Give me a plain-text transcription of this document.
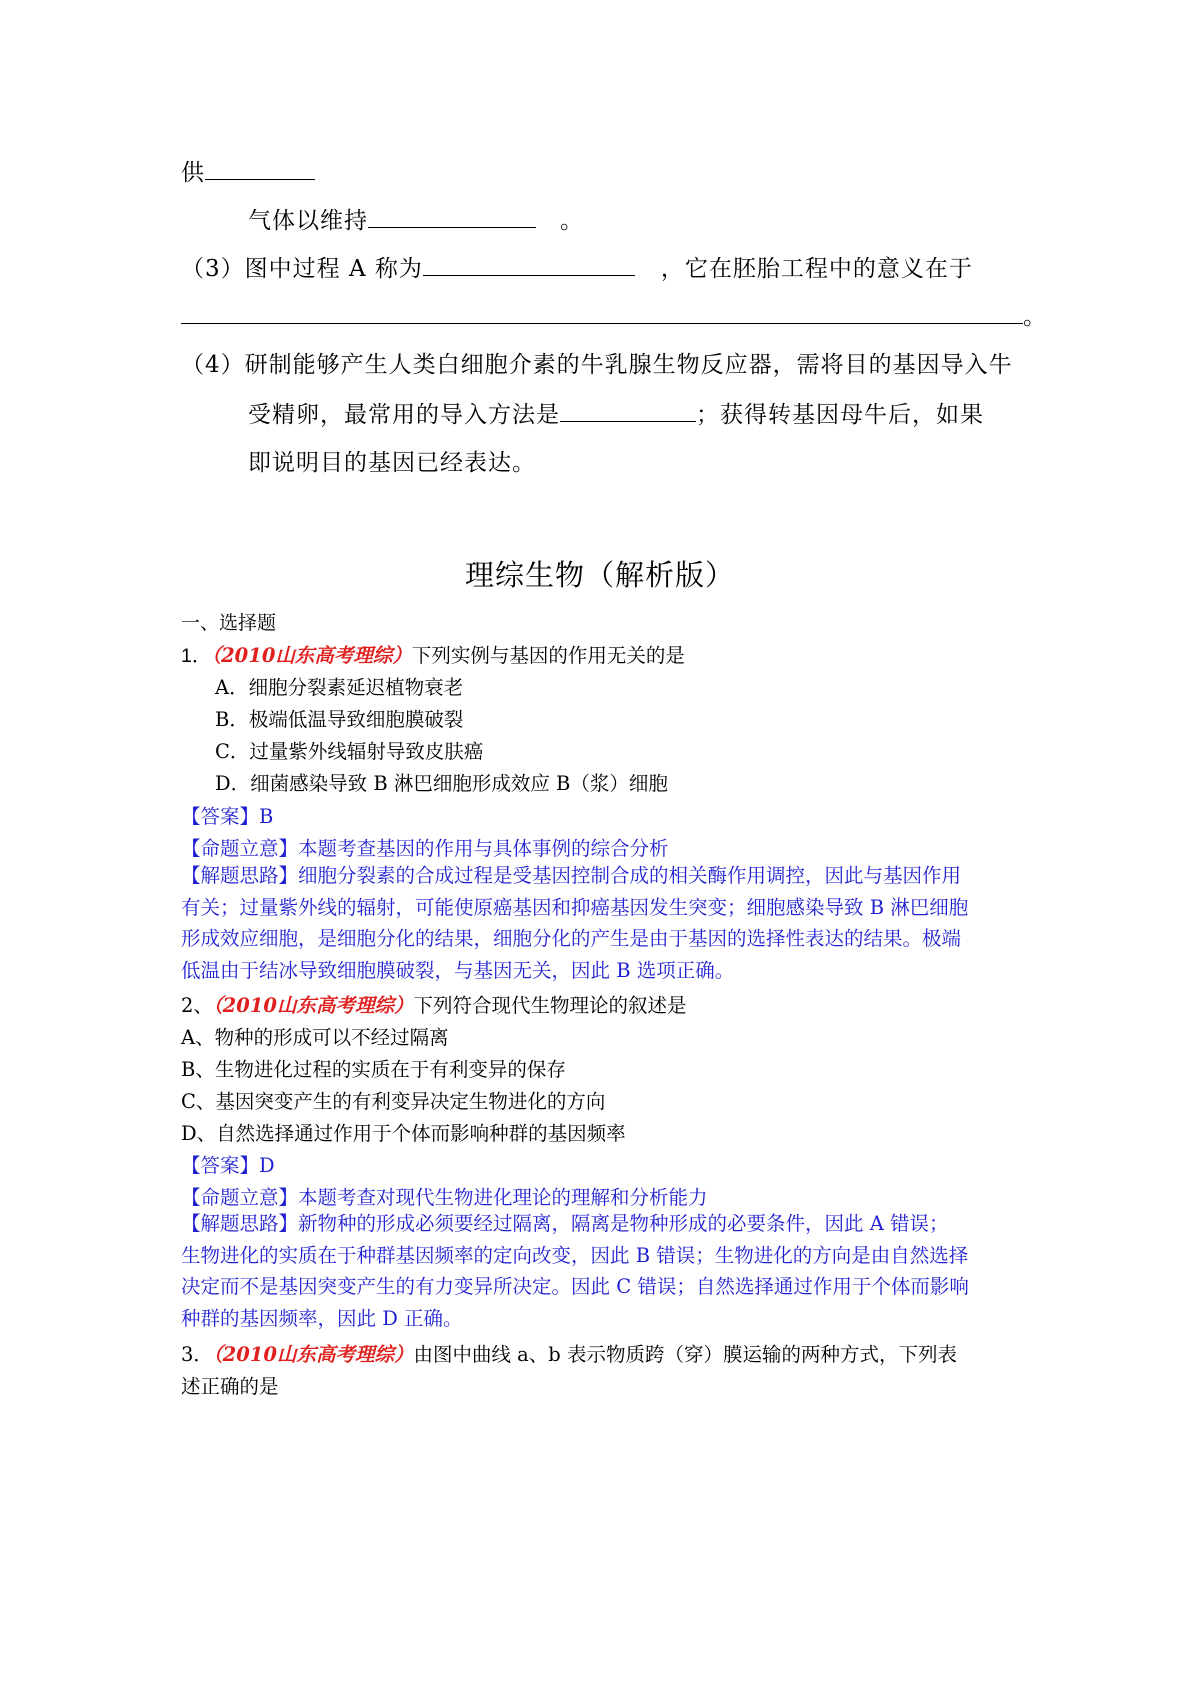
供
气体以维持	。
（3）图中过程 A 称为	，它在胚胎工程中的意义在于
。
（4）研制能够产生人类白细胞介素的牛乳腺生物反应器，需将目的基因导入牛
受精卵，最常用的导入方法是	；获得转基因母牛后，如果
即说明目的基因已经表达。
理综生物（解析版）
一、选择题
1．（2010山东高考理综）下列实例与基因的作用无关的是
A．细胞分裂素延迟植物衰老
B．极端低温导致细胞膜破裂
C．过量紫外线辐射导致皮肤癌
D．细菌感染导致 B 淋巴细胞形成效应 B（浆）细胞
【答案】B
【命题立意】本题考查基因的作用与具体事例的综合分析
【解题思路】细胞分裂素的合成过程是受基因控制合成的相关酶作用调控，因此与基因作用
有关；过量紫外线的辐射，可能使原癌基因和抑癌基因发生突变；细胞感染导致 B 淋巴细胞
形成效应细胞，是细胞分化的结果，细胞分化的产生是由于基因的选择性表达的结果。极端
低温由于结冰导致细胞膜破裂，与基因无关，因此 B 选项正确。
2、（2010山东高考理综）下列符合现代生物理论的叙述是
A、物种的形成可以不经过隔离
B、生物进化过程的实质在于有利变异的保存
C、基因突变产生的有利变异决定生物进化的方向
D、自然选择通过作用于个体而影响种群的基因频率
【答案】D
【命题立意】本题考查对现代生物进化理论的理解和分析能力
【解题思路】新物种的形成必须要经过隔离，隔离是物种形成的必要条件，因此 A 错误；
生物进化的实质在于种群基因频率的定向改变，因此 B 错误；生物进化的方向是由自然选择
决定而不是基因突变产生的有力变异所决定。因此 C 错误；自然选择通过作用于个体而影响
种群的基因频率，因此 D 正确。
3．（2010山东高考理综）由图中曲线 a、b 表示物质跨（穿）膜运输的两种方式，下列表
述正确的是
